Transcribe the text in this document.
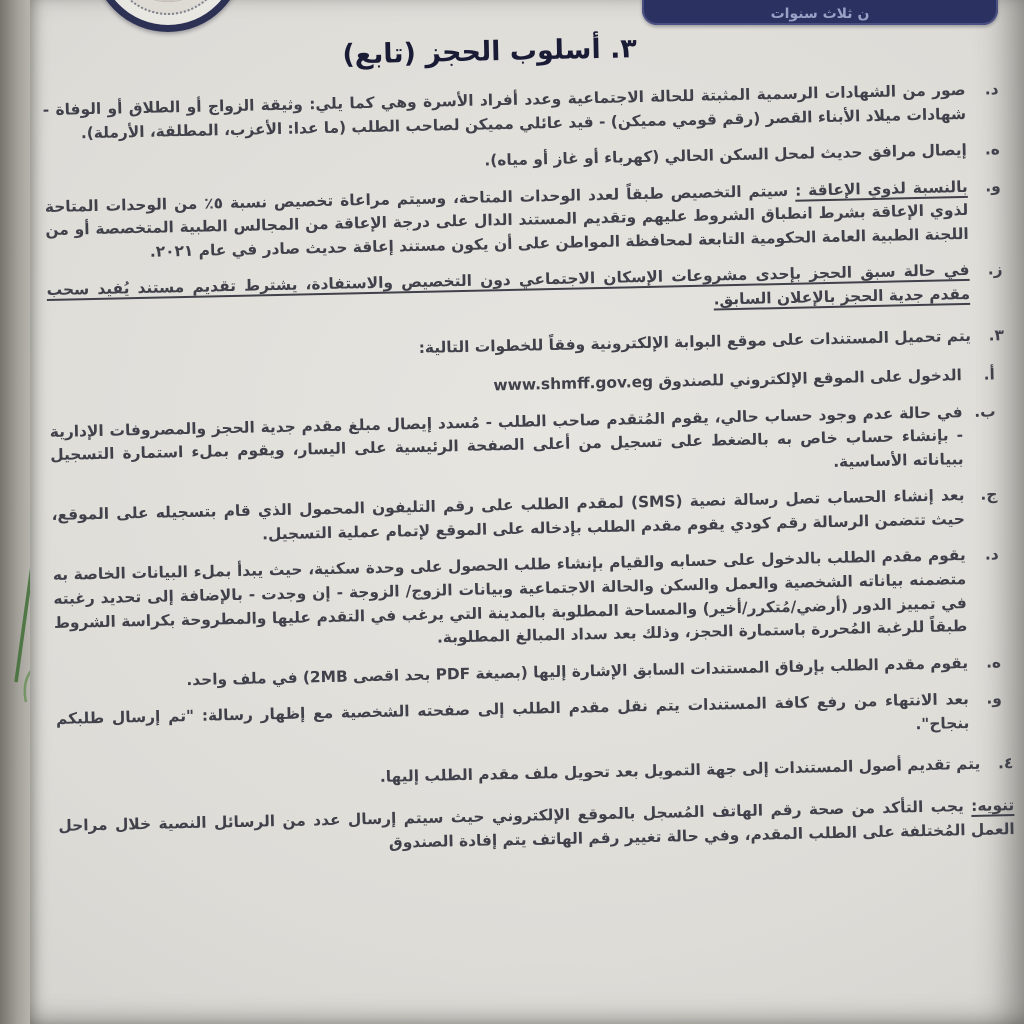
ن ثلاث سنوات
٣. أسلوب الحجز (تابع)
د.
صور من الشهادات الرسمية المثبتة للحالة الاجتماعية وعدد أفراد الأسرة وهي كما يلي: وثيقة الزواج أو الطلاق أو الوفاة - شهادات ميلاد الأبناء القصر (رقم قومي مميكن) - قيد عائلي مميكن لصاحب الطلب (ما عدا: الأعزب، المطلقة، الأرملة).
ه.
إيصال مرافق حديث لمحل السكن الحالي (كهرباء أو غاز أو مياه).
و.
بالنسبة لذوي الإعاقة : سيتم التخصيص طبقاً لعدد الوحدات المتاحة، وسيتم مراعاة تخصيص نسبة ٥٪ من الوحدات المتاحة لذوي الإعاقة بشرط انطباق الشروط عليهم وتقديم المستند الدال على درجة الإعاقة من المجالس الطبية المتخصصة أو من اللجنة الطبية العامة الحكومية التابعة لمحافظة المواطن على أن يكون مستند إعاقة حديث صادر في عام ٢٠٢١.
ز.
في حالة سبق الحجز بإحدى مشروعات الإسكان الاجتماعي دون التخصيص والاستفادة، يشترط تقديم مستند يُفيد سحب مقدم جدية الحجز بالإعلان السابق.
٣.
يتم تحميل المستندات على موقع البوابة الإلكترونية وفقاً للخطوات التالية:
أ.
الدخول على الموقع الإلكتروني للصندوق www.shmff.gov.eg
ب.
في حالة عدم وجود حساب حالي، يقوم المُتقدم صاحب الطلب - مُسدد إيصال مبلغ مقدم جدية الحجز والمصروفات الإدارية - بإنشاء حساب خاص به بالضغط على تسجيل من أعلى الصفحة الرئيسية على اليسار، ويقوم بملء استمارة التسجيل ببياناته الأساسية.
ج.
بعد إنشاء الحساب تصل رسالة نصية (SMS) لمقدم الطلب على رقم التليفون المحمول الذي قام بتسجيله على الموقع، حيث تتضمن الرسالة رقم كودي يقوم مقدم الطلب بإدخاله على الموقع لإتمام عملية التسجيل.
د.
يقوم مقدم الطلب بالدخول على حسابه والقيام بإنشاء طلب الحصول على وحدة سكنية، حيث يبدأ بملء البيانات الخاصة به متضمنه بياناته الشخصية والعمل والسكن والحالة الاجتماعية وبيانات الزوج/ الزوجة - إن وجدت - بالإضافة إلى تحديد رغبته في تمييز الدور (أرضي/مُتكرر/أخير) والمساحة المطلوبة بالمدينة التي يرغب في التقدم عليها والمطروحة بكراسة الشروط طبقاً للرغبة المُحررة باستمارة الحجز، وذلك بعد سداد المبالغ المطلوبة.
ه.
يقوم مقدم الطلب بإرفاق المستندات السابق الإشارة إليها (بصيغة PDF بحد اقصى 2MB) في ملف واحد.
و.
بعد الانتهاء من رفع كافة المستندات يتم نقل مقدم الطلب إلى صفحته الشخصية مع إظهار رسالة: "تم إرسال طلبكم بنجاح".
٤.
يتم تقديم أصول المستندات إلى جهة التمويل بعد تحويل ملف مقدم الطلب إليها.
تنويه: يجب التأكد من صحة رقم الهاتف المُسجل بالموقع الإلكتروني حيث سيتم إرسال عدد من الرسائل النصية خلال مراحل العمل المُختلفة على الطلب المقدم، وفي حالة تغيير رقم الهاتف يتم إفادة الصندوق
